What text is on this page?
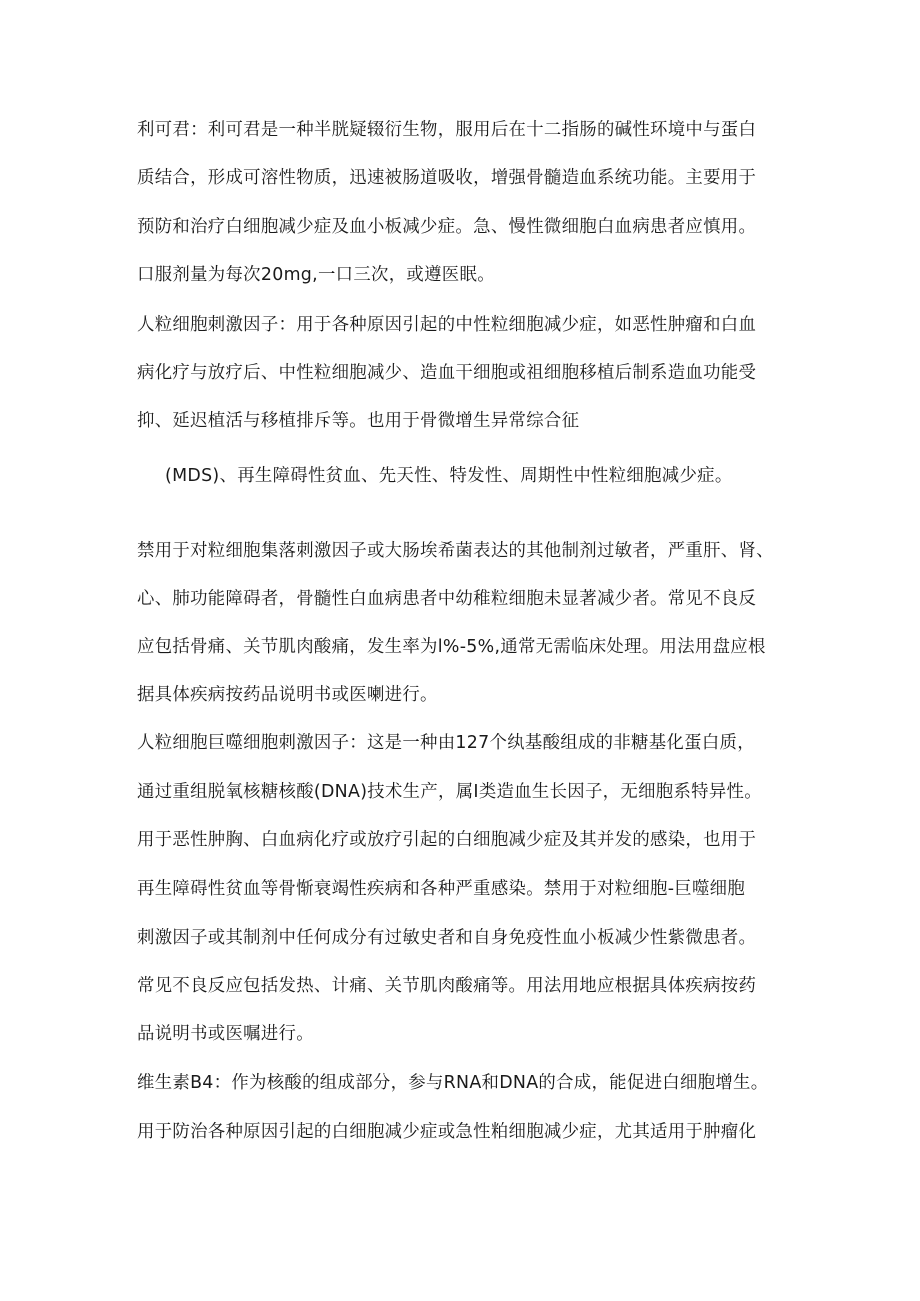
利可君：利可君是一种半胱疑辍衍生物，服用后在十二指肠的碱性环境中与蛋白
质结合，形成可溶性物质，迅速被肠道吸收，增强骨髓造血系统功能。主要用于
预防和治疗白细胞减少症及血小板减少症。急、慢性微细胞白血病患者应慎用。
口服剂量为每次20mg,一口三次，或遵医眠。
人粒细胞刺激因子：用于各种原因引起的中性粒细胞减少症，如恶性肿瘤和白血
病化疗与放疗后、中性粒细胞减少、造血干细胞或祖细胞移植后制系造血功能受
抑、延迟植活与移植排斥等。也用于骨微增生异常综合征
(MDS)、再生障碍性贫血、先天性、特发性、周期性中性粒细胞减少症。
禁用于对粒细胞集落刺激因子或大肠埃希菌表达的其他制剂过敏者，严重肝、肾、
心、肺功能障碍者，骨髓性白血病患者中幼稚粒细胞未显著减少者。常见不良反
应包括骨痛、关节肌肉酸痛，发生率为l%-5%,通常无需临床处理。用法用盘应根
据具体疾病按药品说明书或医喇进行。
人粒细胞巨噬细胞刺激因子：这是一种由127个纨基酸组成的非糖基化蛋白质，
通过重组脱氧核糖核酸(DNA)技术生产，属I类造血生长因子，无细胞系特异性。
用于恶性肿胸、白血病化疗或放疗引起的白细胞减少症及其并发的感染，也用于
再生障碍性贫血等骨惭衰竭性疾病和各种严重感染。禁用于对粒细胞-巨噬细胞
刺激因子或其制剂中任何成分有过敏史者和自身免疫性血小板减少性紫微患者。
常见不良反应包括发热、计痛、关节肌肉酸痛等。用法用地应根据具体疾病按药
品说明书或医嘱进行。
维生素B4：作为核酸的组成部分，参与RNA和DNA的合成，能促进白细胞增生。
用于防治各种原因引起的白细胞减少症或急性粕细胞减少症，尤其适用于肿瘤化
